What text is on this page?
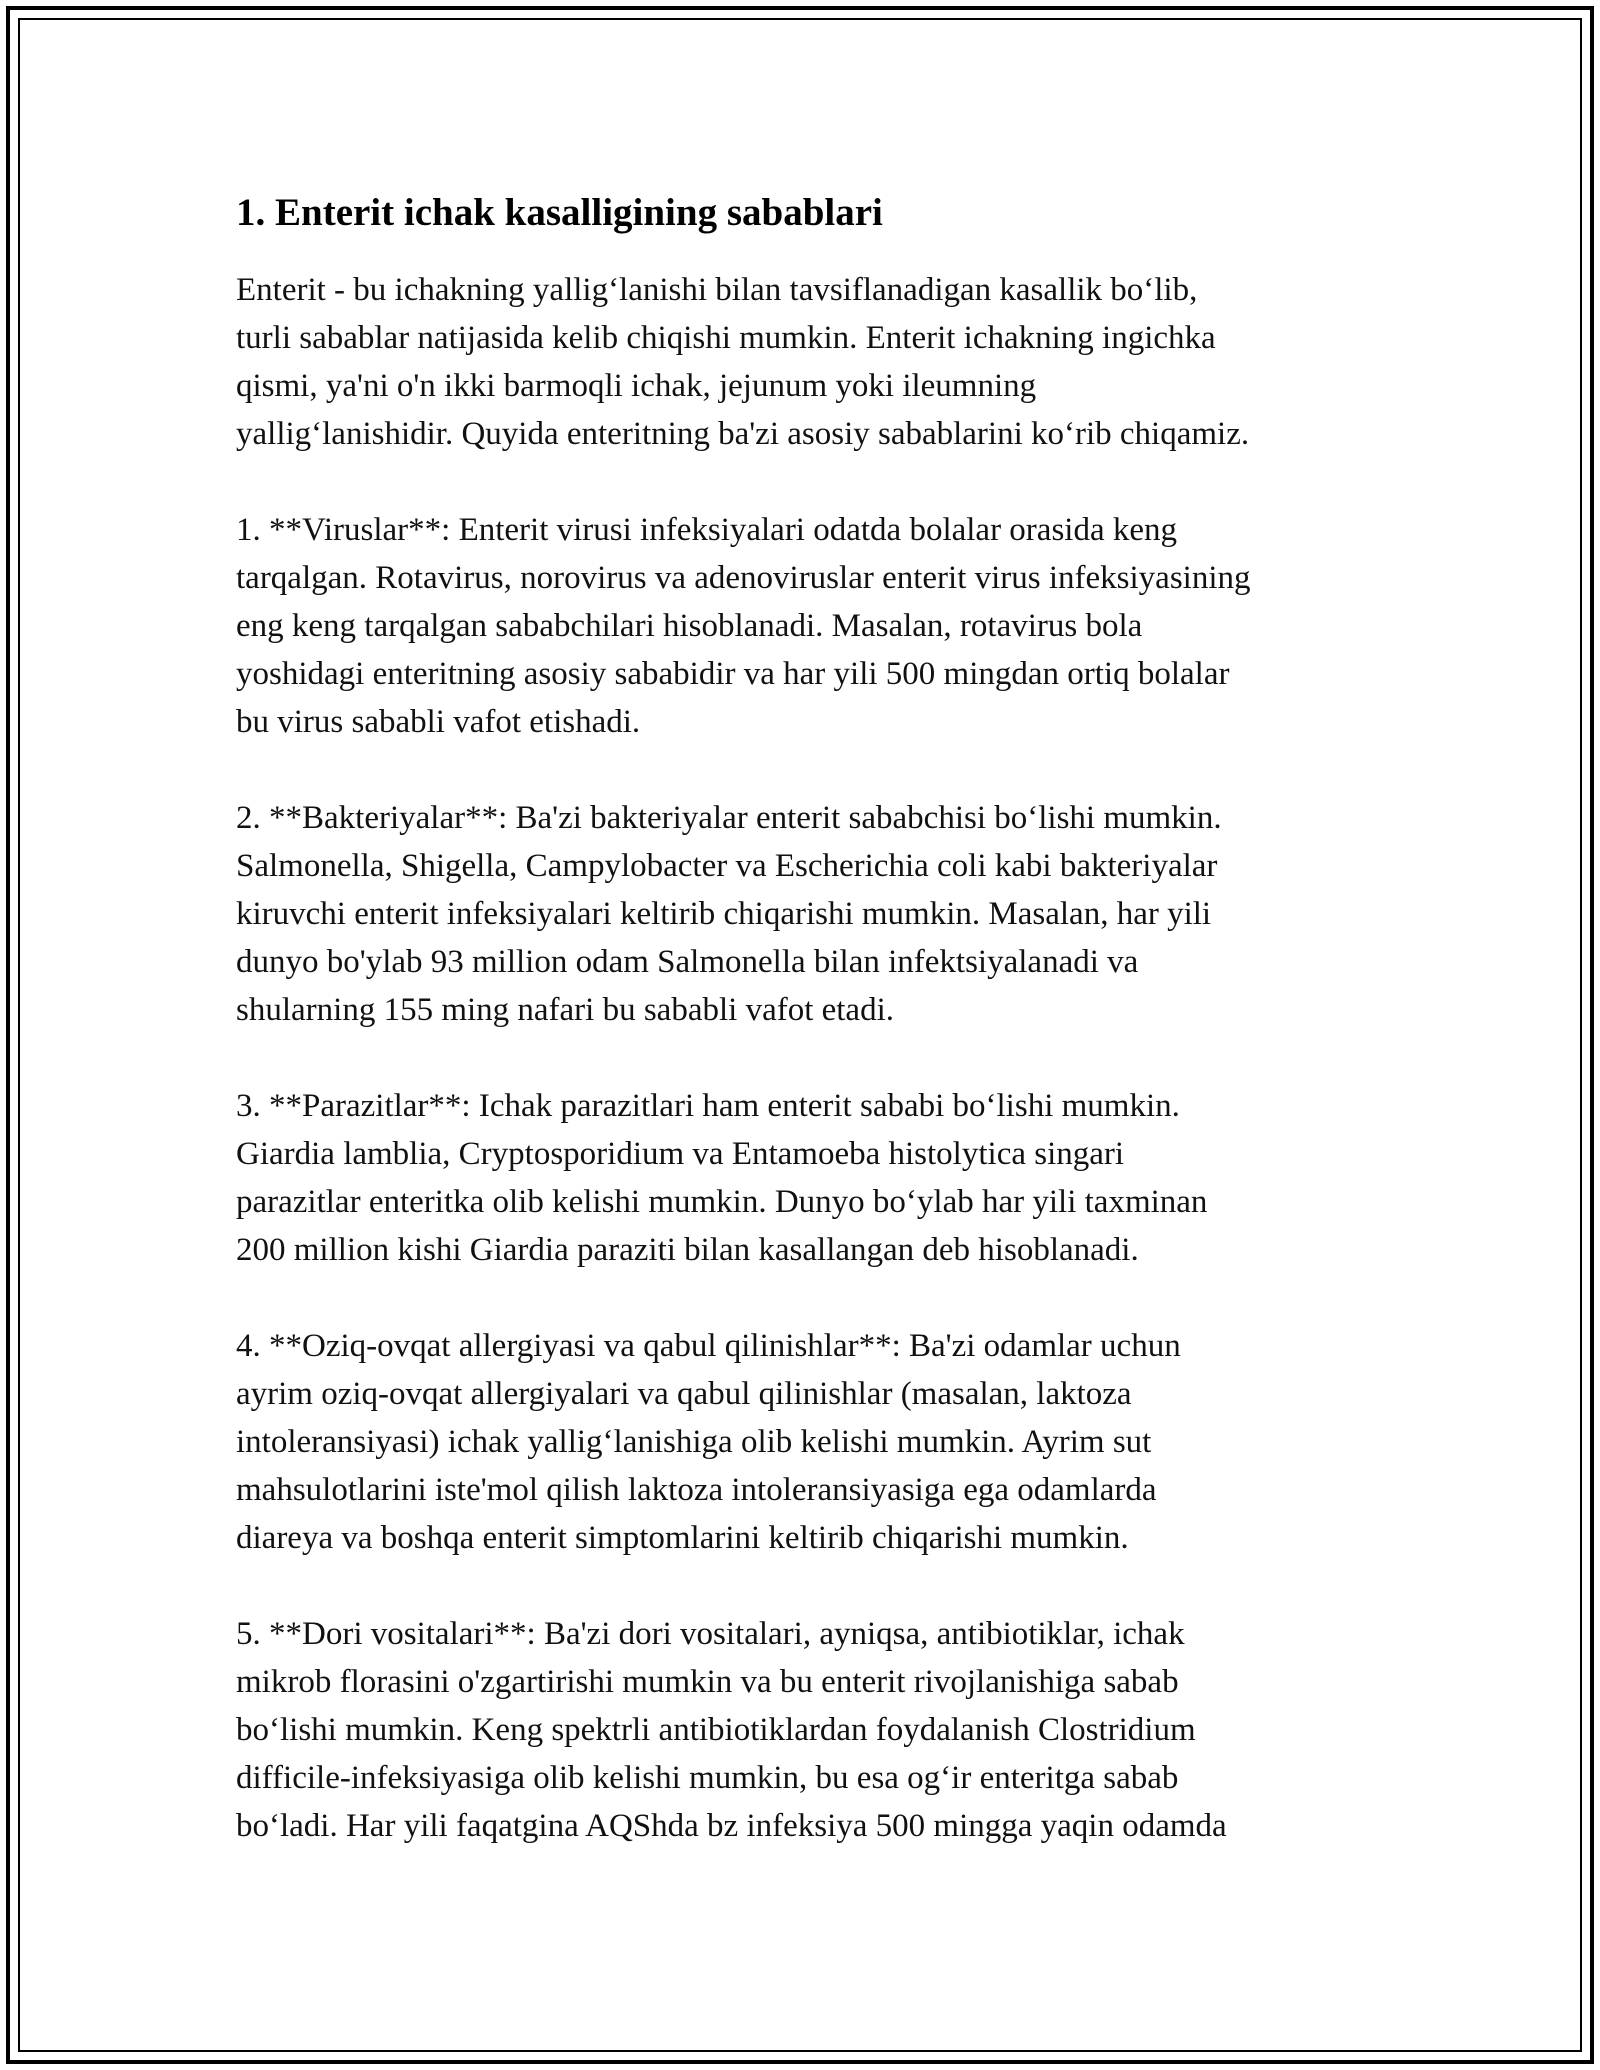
1. Enterit ichak kasalligining sabablari

Enterit - bu ichakning yallig‘lanishi bilan tavsiflanadigan kasallik bo‘lib,
turli sabablar natijasida kelib chiqishi mumkin. Enterit ichakning ingichka
qismi, ya'ni o'n ikki barmoqli ichak, jejunum yoki ileumning
yallig‘lanishidir. Quyida enteritning ba'zi asosiy sabablarini ko‘rib chiqamiz.

1. **Viruslar**: Enterit virusi infeksiyalari odatda bolalar orasida keng
tarqalgan. Rotavirus, norovirus va adenoviruslar enterit virus infeksiyasining
eng keng tarqalgan sababchilari hisoblanadi. Masalan, rotavirus bola
yoshidagi enteritning asosiy sababidir va har yili 500 mingdan ortiq bolalar
bu virus sababli vafot etishadi.

2. **Bakteriyalar**: Ba'zi bakteriyalar enterit sababchisi bo‘lishi mumkin.
Salmonella, Shigella, Campylobacter va Escherichia coli kabi bakteriyalar
kiruvchi enterit infeksiyalari keltirib chiqarishi mumkin. Masalan, har yili
dunyo bo'ylab 93 million odam Salmonella bilan infektsiyalanadi va
shularning 155 ming nafari bu sababli vafot etadi.

3. **Parazitlar**: Ichak parazitlari ham enterit sababi bo‘lishi mumkin.
Giardia lamblia, Cryptosporidium va Entamoeba histolytica singari
parazitlar enteritka olib kelishi mumkin. Dunyo bo‘ylab har yili taxminan
200 million kishi Giardia paraziti bilan kasallangan deb hisoblanadi.

4. **Oziq-ovqat allergiyasi va qabul qilinishlar**: Ba'zi odamlar uchun
ayrim oziq-ovqat allergiyalari va qabul qilinishlar (masalan, laktoza
intoleransiyasi) ichak yallig‘lanishiga olib kelishi mumkin. Ayrim sut
mahsulotlarini iste'mol qilish laktoza intoleransiyasiga ega odamlarda
diareya va boshqa enterit simptomlarini keltirib chiqarishi mumkin.

5. **Dori vositalari**: Ba'zi dori vositalari, ayniqsa, antibiotiklar, ichak
mikrob florasini o'zgartirishi mumkin va bu enterit rivojlanishiga sabab
bo‘lishi mumkin. Keng spektrli antibiotiklardan foydalanish Clostridium
difficile-infeksiyasiga olib kelishi mumkin, bu esa og‘ir enteritga sabab
bo‘ladi. Har yili faqatgina AQShda bz infeksiya 500 mingga yaqin odamda
